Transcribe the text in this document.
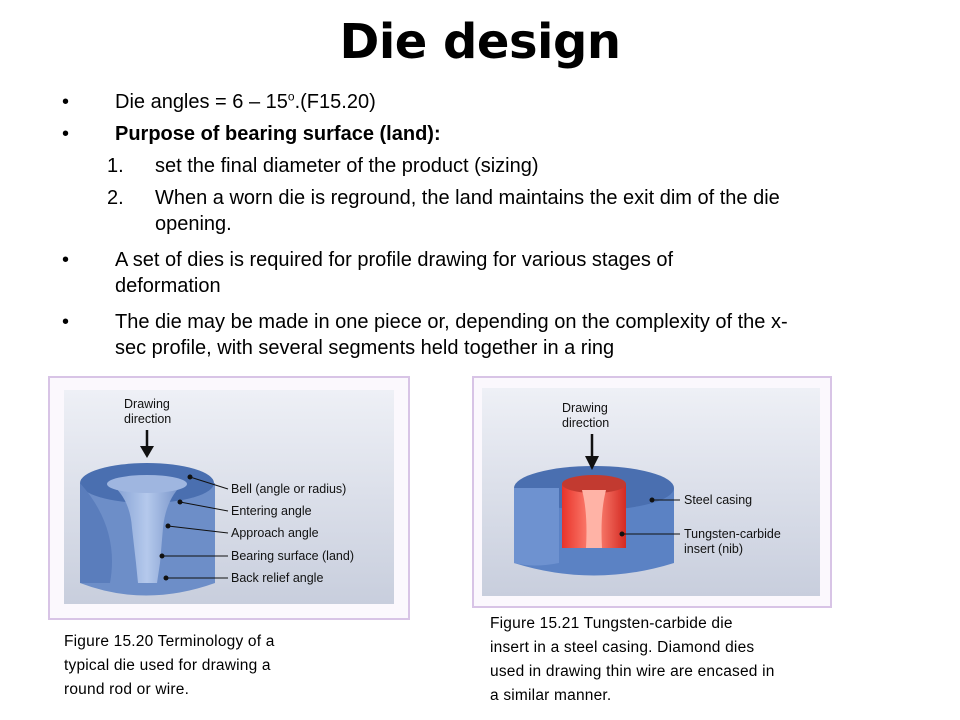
Die design
• Die angles = 6 – 15$^o$.(F15.20)
• Purpose of bearing surface (land):
1. set the final diameter of the product (sizing)
2. When a worn die is reground, the land maintains the exit dim of the die
opening.
• A set of dies is required for profile drawing for various stages of
deformation
• The die may be made in one piece or, depending on the complexity of the x-
sec profile, with several segments held together in a ring
Drawing
direction
Bell (angle or radius)
Entering angle
Approach angle
Bearing surface (land)
Back relief angle
Drawing
direction
Steel casing
Tungsten-carbide
insert (nib)
Figure 15.20 Terminology of a
typical die used for drawing a
round rod or wire.
Figure 15.21 Tungsten-carbide die
insert in a steel casing. Diamond dies
used in drawing thin wire are encased in
a similar manner.
